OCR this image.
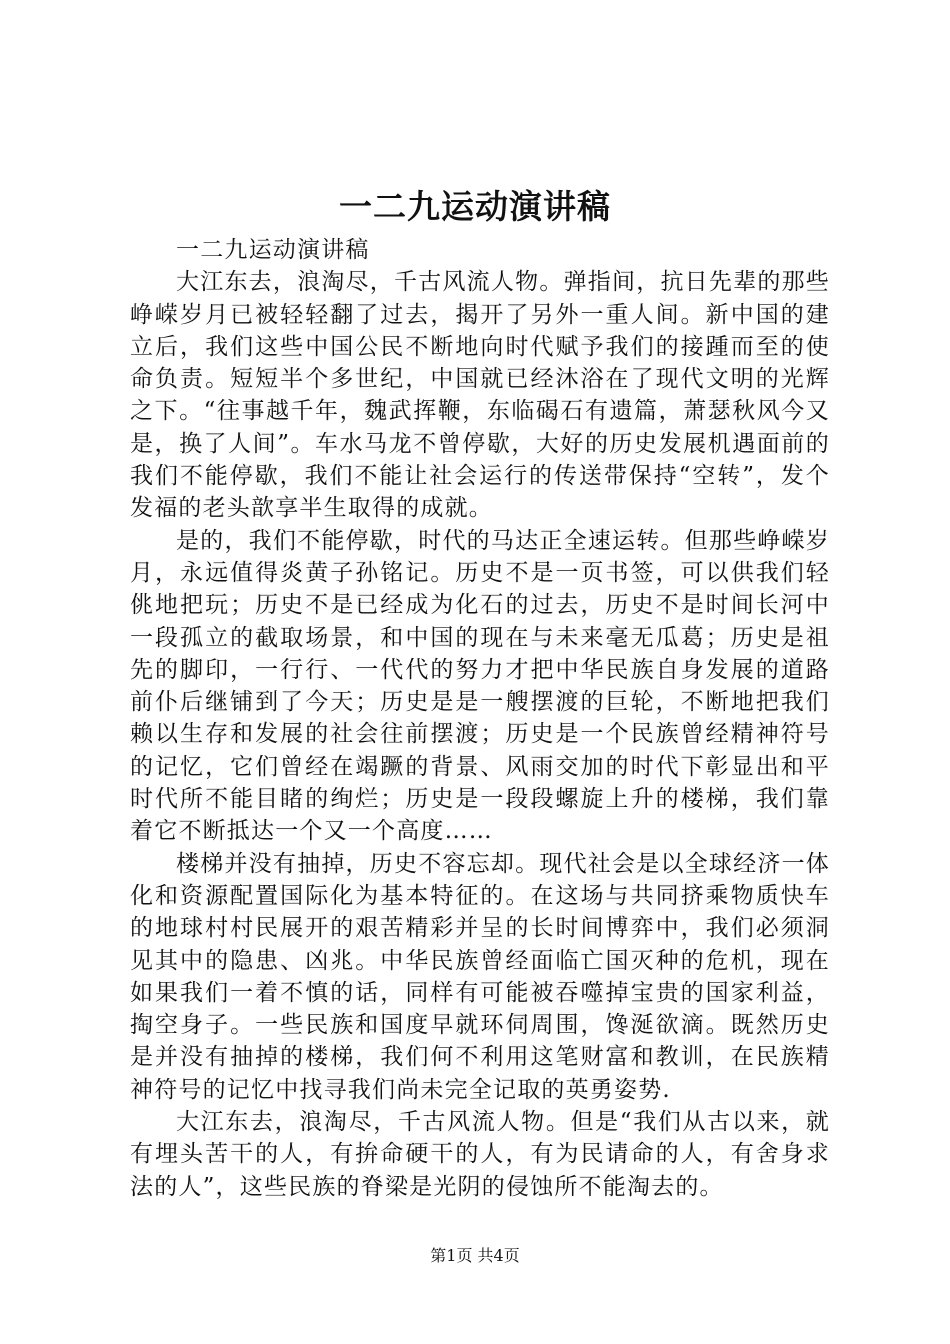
一二九运动演讲稿

一二九运动演讲稿

大江东去，浪淘尽，千古风流人物。弹指间，抗日先辈的那些峥嵘岁月已被轻轻翻了过去，揭开了另外一重人间。新中国的建立后，我们这些中国公民不断地向时代赋予我们的接踵而至的使命负责。短短半个多世纪，中国就已经沐浴在了现代文明的光辉之下。“往事越千年，魏武挥鞭，东临碣石有遗篇，萧瑟秋风今又是，换了人间”。车水马龙不曾停歇，大好的历史发展机遇面前的我们不能停歇，我们不能让社会运行的传送带保持“空转”，发个发福的老头歆享半生取得的成就。

是的，我们不能停歇，时代的马达正全速运转。但那些峥嵘岁月，永远值得炎黄子孙铭记。历史不是一页书签，可以供我们轻佻地把玩；历史不是已经成为化石的过去，历史不是时间长河中一段孤立的截取场景，和中国的现在与未来毫无瓜葛；历史是祖先的脚印，一行行、一代代的努力才把中华民族自身发展的道路前仆后继铺到了今天；历史是是一艘摆渡的巨轮，不断地把我们赖以生存和发展的社会往前摆渡；历史是一个民族曾经精神符号的记忆，它们曾经在竭蹶的背景、风雨交加的时代下彰显出和平时代所不能目睹的绚烂；历史是一段段螺旋上升的楼梯，我们靠着它不断抵达一个又一个高度……

楼梯并没有抽掉，历史不容忘却。现代社会是以全球经济一体化和资源配置国际化为基本特征的。在这场与共同挤乘物质快车的地球村村民展开的艰苦精彩并呈的长时间博弈中，我们必须洞见其中的隐患、凶兆。中华民族曾经面临亡国灭种的危机，现在如果我们一着不慎的话，同样有可能被吞噬掉宝贵的国家利益，掏空身子。一些民族和国度早就环伺周围，馋涎欲滴。既然历史是并没有抽掉的楼梯，我们何不利用这笔财富和教训，在民族精神符号的记忆中找寻我们尚未完全记取的英勇姿势.

大江东去，浪淘尽，千古风流人物。但是“我们从古以来，就有埋头苦干的人，有拚命硬干的人，有为民请命的人，有舍身求法的人”，这些民族的脊梁是光阴的侵蚀所不能淘去的。

第1页 共4页
